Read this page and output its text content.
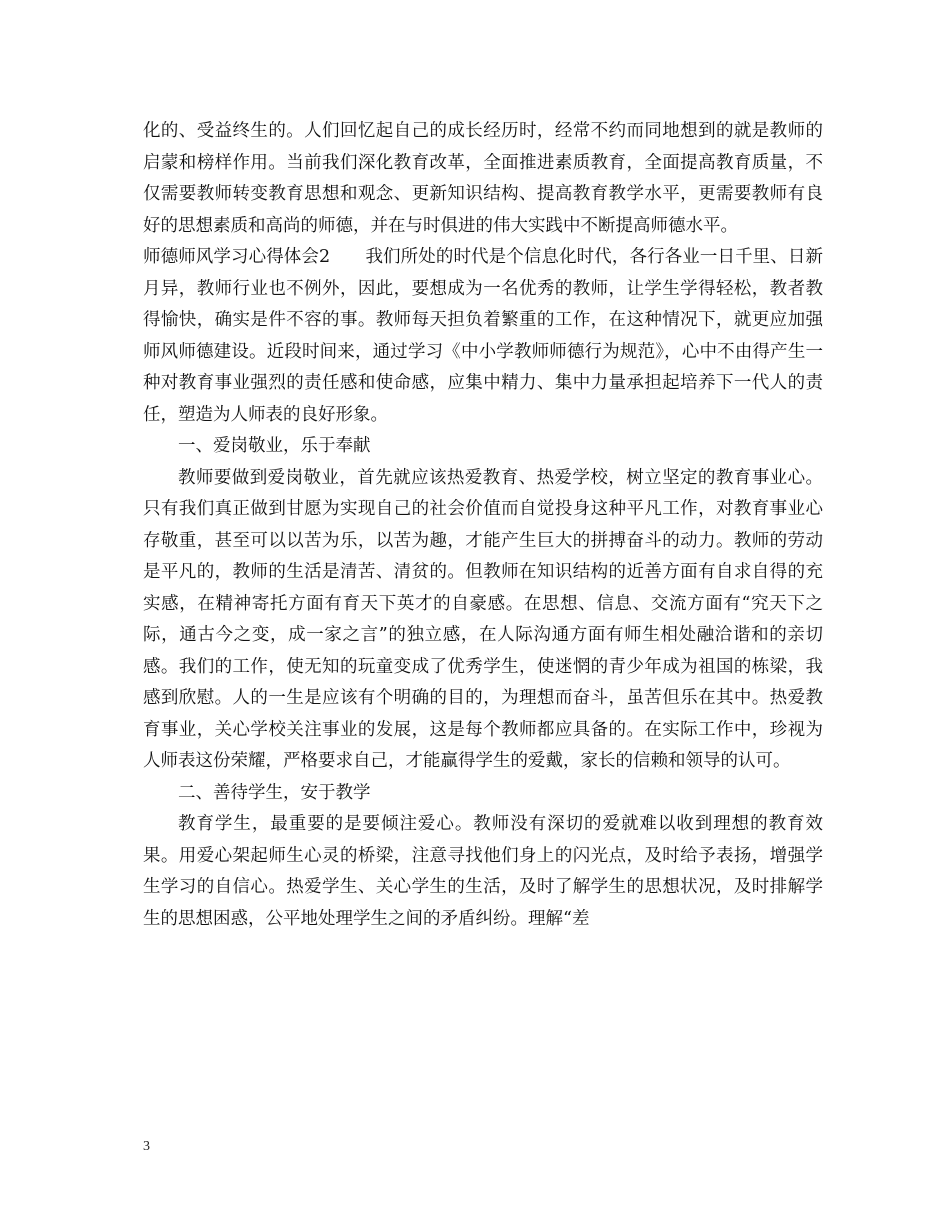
化的、受益终生的。人们回忆起自己的成长经历时，经常不约而同地想到的就是教师的启蒙和榜样作用。当前我们深化教育改革，全面推进素质教育，全面提高教育质量，不仅需要教师转变教育思想和观念、更新知识结构、提高教育教学水平，更需要教师有良好的思想素质和高尚的师德，并在与时俱进的伟大实践中不断提高师德水平。

师德师风学习心得体会2　　我们所处的时代是个信息化时代，各行各业一日千里、日新月异，教师行业也不例外，因此，要想成为一名优秀的教师，让学生学得轻松，教者教得愉快，确实是件不容的事。教师每天担负着繁重的工作，在这种情况下，就更应加强师风师德建设。近段时间来，通过学习《中小学教师师德行为规范》，心中不由得产生一种对教育事业强烈的责任感和使命感，应集中精力、集中力量承担起培养下一代人的责任，塑造为人师表的良好形象。

一、爱岗敬业，乐于奉献

教师要做到爱岗敬业，首先就应该热爱教育、热爱学校，树立坚定的教育事业心。只有我们真正做到甘愿为实现自己的社会价值而自觉投身这种平凡工作，对教育事业心存敬重，甚至可以以苦为乐，以苦为趣，才能产生巨大的拼搏奋斗的动力。教师的劳动是平凡的，教师的生活是清苦、清贫的。但教师在知识结构的近善方面有自求自得的充实感，在精神寄托方面有育天下英才的自豪感。在思想、信息、交流方面有“究天下之际，通古今之变，成一家之言”的独立感，在人际沟通方面有师生相处融洽谐和的亲切感。我们的工作，使无知的玩童变成了优秀学生，使迷惘的青少年成为祖国的栋梁，我感到欣慰。人的一生是应该有个明确的目的，为理想而奋斗，虽苦但乐在其中。热爱教育事业，关心学校关注事业的发展，这是每个教师都应具备的。在实际工作中，珍视为人师表这份荣耀，严格要求自己，才能赢得学生的爱戴，家长的信赖和领导的认可。

二、善待学生，安于教学

教育学生，最重要的是要倾注爱心。教师没有深切的爱就难以收到理想的教育效果。用爱心架起师生心灵的桥梁，注意寻找他们身上的闪光点，及时给予表扬，增强学生学习的自信心。热爱学生、关心学生的生活，及时了解学生的思想状况，及时排解学生的思想困惑，公平地处理学生之间的矛盾纠纷。理解“差

3
